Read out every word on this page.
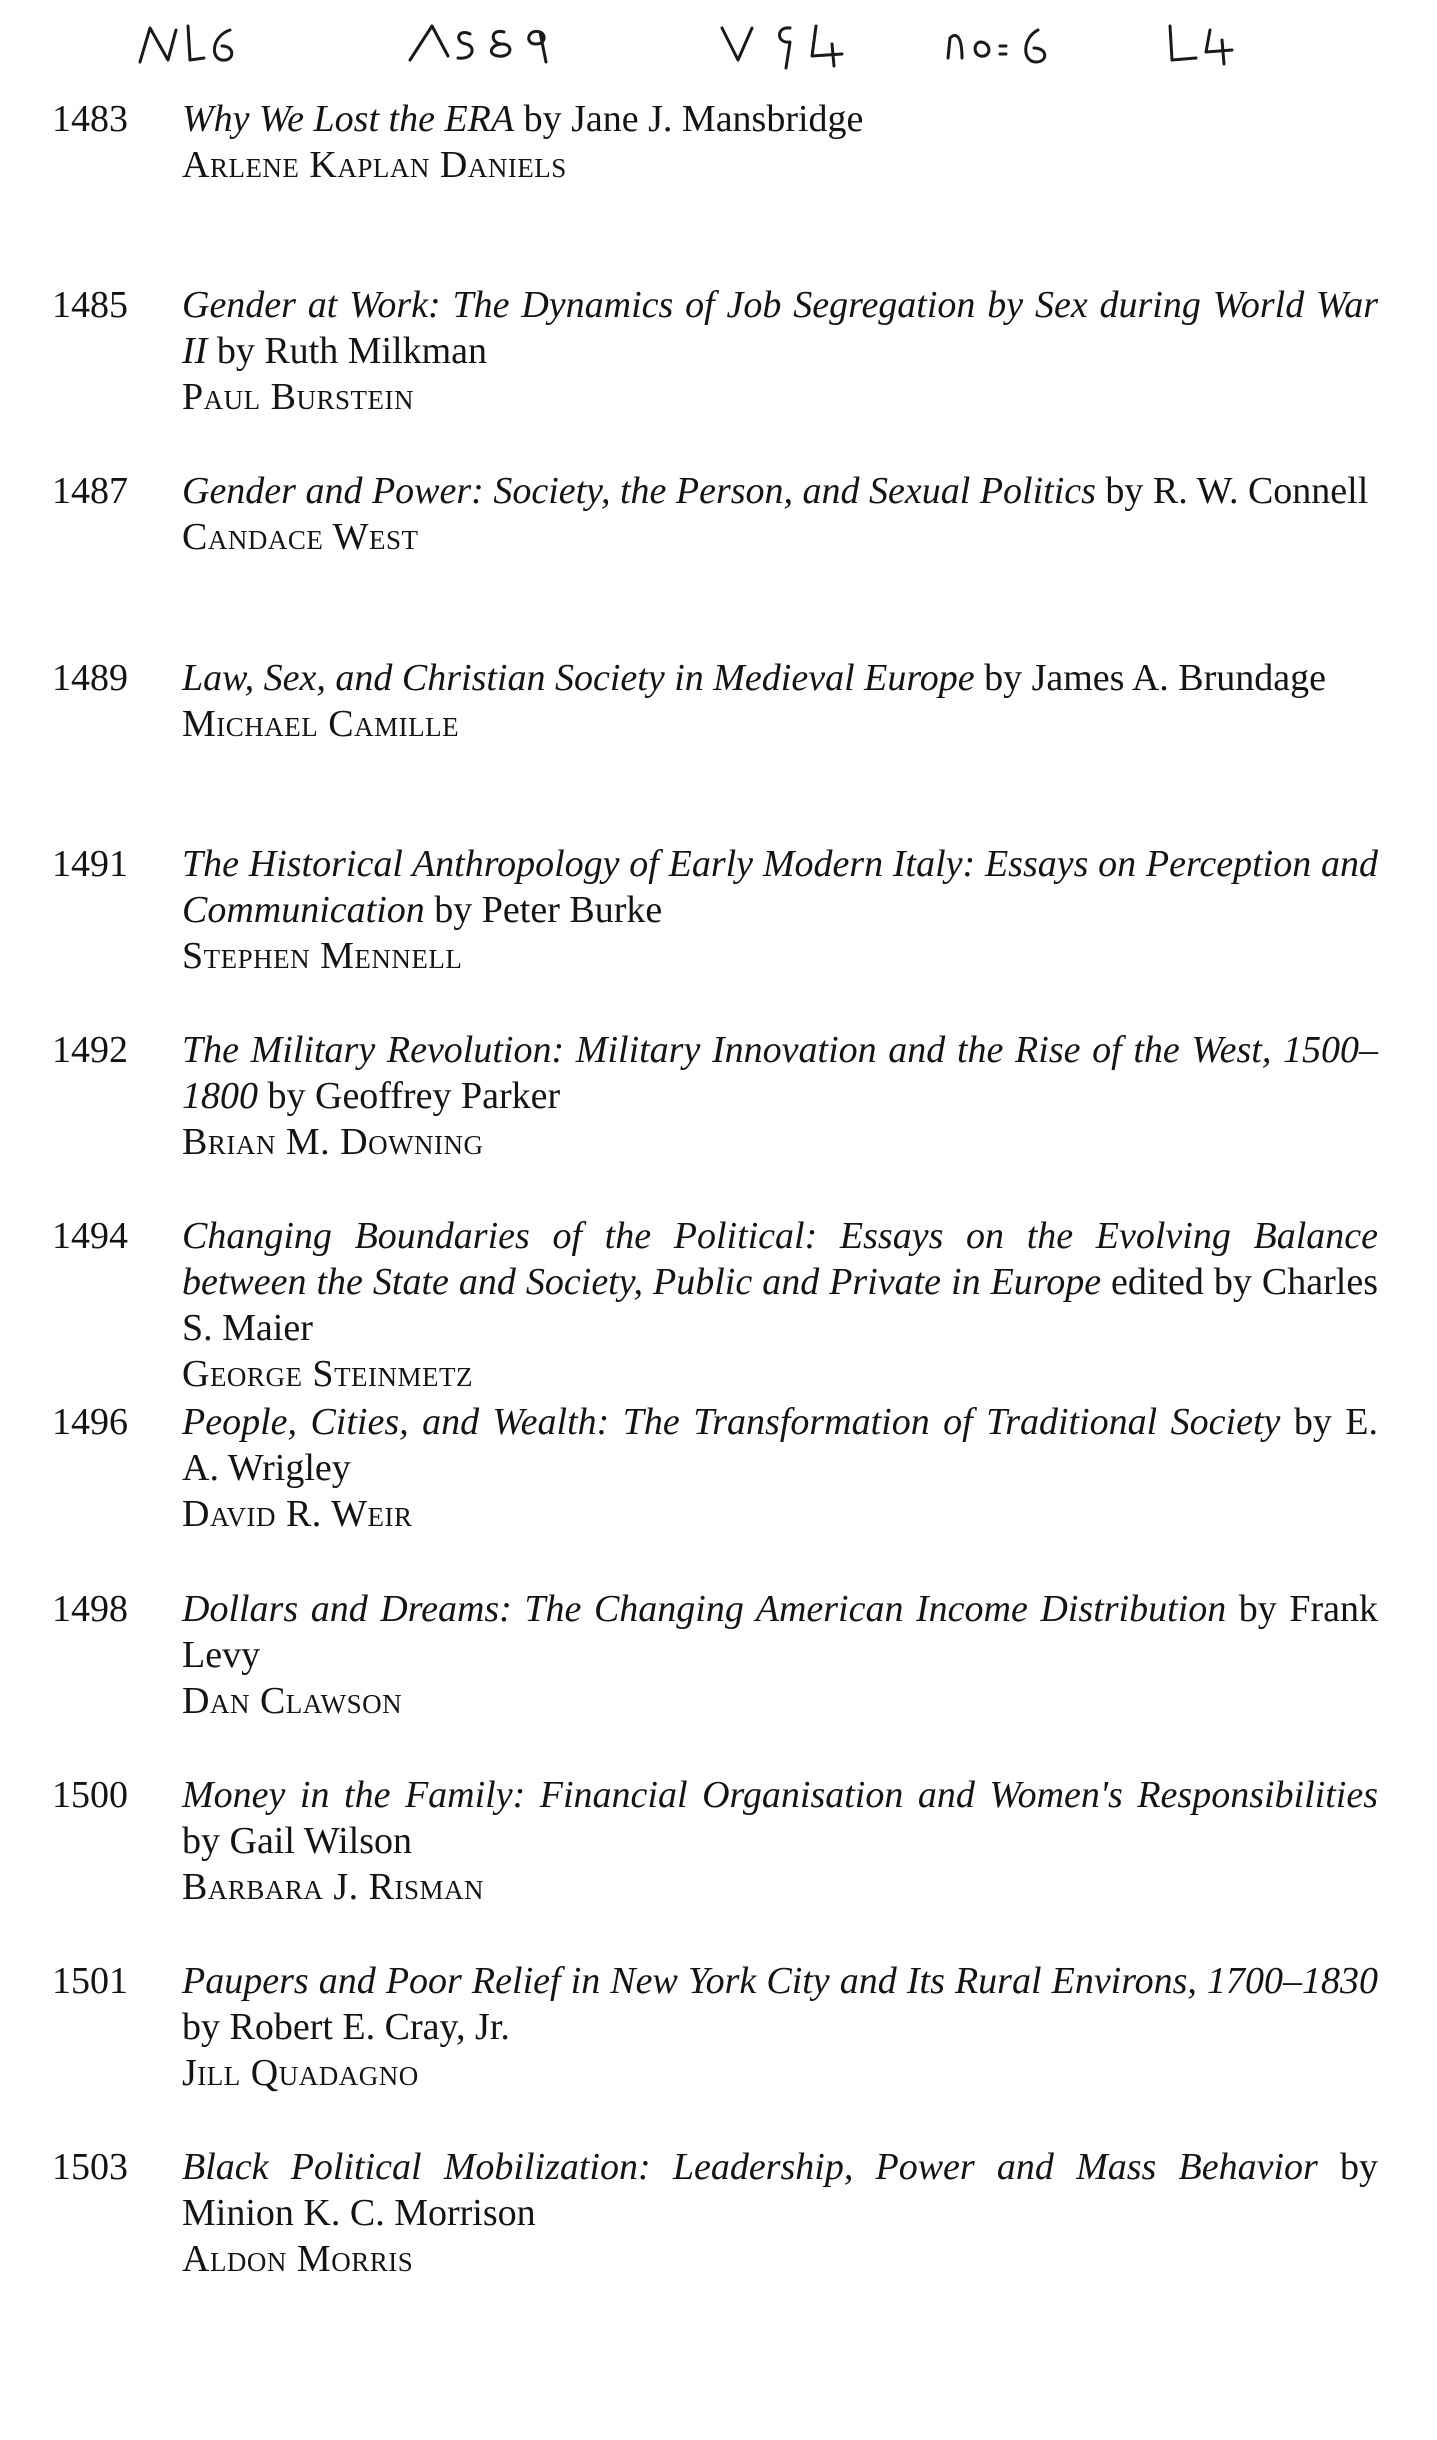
1483	Why We Lost the ERA by Jane J. Mansbridge
Arlene Kaplan Daniels
1485	Gender at Work: The Dynamics of Job Segregation by Sex during World War II by Ruth Milkman
Paul Burstein
1487	Gender and Power: Society, the Person, and Sexual Politics by R. W. Connell
Candace West
1489	Law, Sex, and Christian Society in Medieval Europe by James A. Brundage
Michael Camille
1491	The Historical Anthropology of Early Modern Italy: Essays on Perception and Communication by Peter Burke
Stephen Mennell
1492	The Military Revolution: Military Innovation and the Rise of the West, 1500–1800 by Geoffrey Parker
Brian M. Downing
1494	Changing Boundaries of the Political: Essays on the Evolving Balance between the State and Society, Public and Private in Europe edited by Charles S. Maier
George Steinmetz
1496	People, Cities, and Wealth: The Transformation of Traditional Society by E. A. Wrigley
David R. Weir
1498	Dollars and Dreams: The Changing American Income Distribution by Frank Levy
Dan Clawson
1500	Money in the Family: Financial Organisation and Women's Responsibilities by Gail Wilson
Barbara J. Risman
1501	Paupers and Poor Relief in New York City and Its Rural Environs, 1700–1830 by Robert E. Cray, Jr.
Jill Quadagno
1503	Black Political Mobilization: Leadership, Power and Mass Behavior by Minion K. C. Morrison
Aldon Morris
